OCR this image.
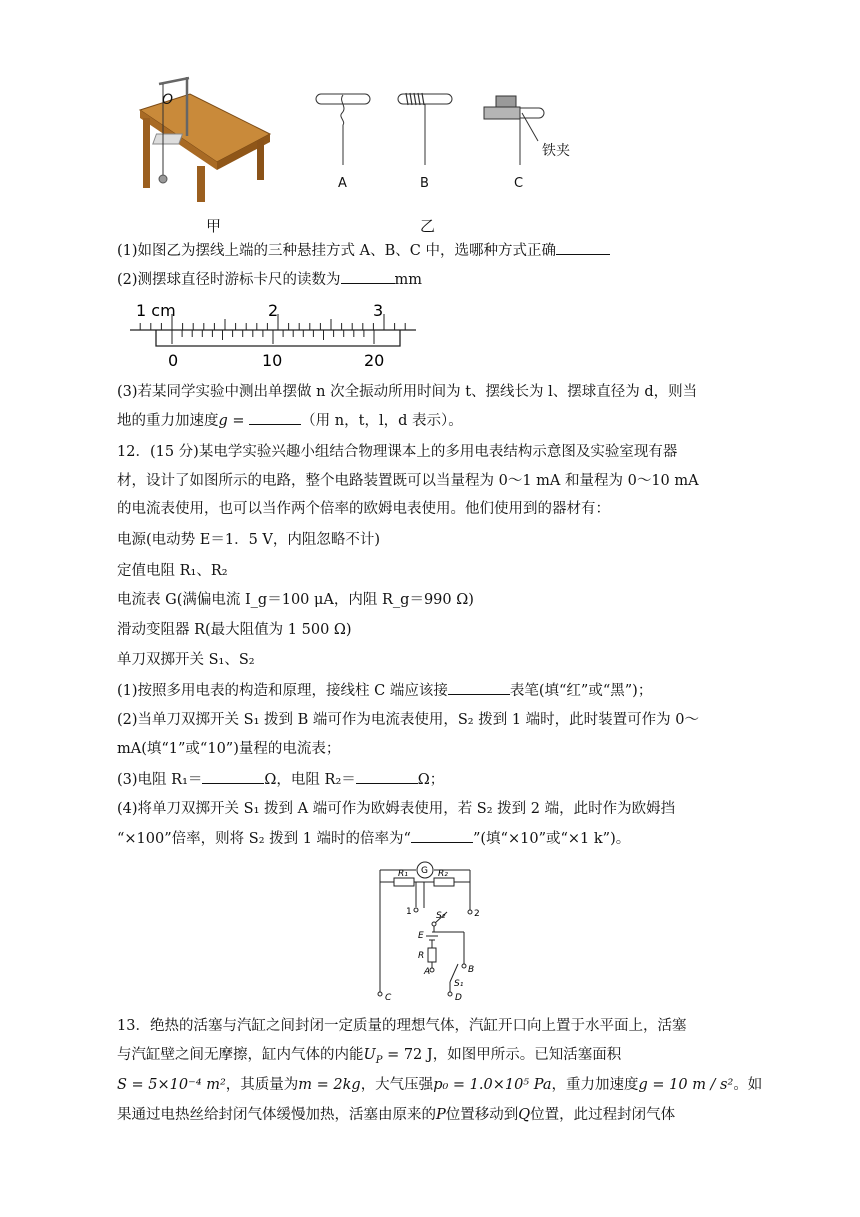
O
甲
A	B	C
铁夹
乙
(1)如图乙为摆线上端的三种悬挂方式 A、B、C 中，选哪种方式正确
(2)测摆球直径时游标卡尺的读数为	mm
1 cm	2	3
0	10	20
(3)若某同学实验中测出单摆做 n 次全振动所用时间为 t、摆线长为 l、摆球直径为 d，则当
地的重力加速度g =	（用 n，t，l，d 表示）。
12．(15 分)某电学实验兴趣小组结合物理课本上的多用电表结构示意图及实验室现有器
材，设计了如图所示的电路，整个电路装置既可以当量程为 0～1 mA 和量程为 0～10 mA
的电流表使用，也可以当作两个倍率的欧姆电表使用。他们使用到的器材有：
电源(电动势 E＝1．5 V，内阻忽略不计)
定值电阻 R₁、R₂
电流表 G(满偏电流 I_g＝100 μA，内阻 R_g＝990 Ω)
滑动变阻器 R(最大阻值为 1 500 Ω)
单刀双掷开关 S₁、S₂
(1)按照多用电表的构造和原理，接线柱 C 端应该接	表笔(填“红”或“黑”)；
(2)当单刀双掷开关 S₁ 拨到 B 端可作为电流表使用，S₂ 拨到 1 端时，此时装置可作为 0～
mA(填“1”或“10”)量程的电流表；
(3)电阻 R₁＝	Ω，电阻 R₂＝	Ω；
(4)将单刀双掷开关 S₁ 拨到 A 端可作为欧姆表使用，若 S₂ 拨到 2 端，此时作为欧姆挡
“×100”倍率，则将 S₂ 拨到 1 端时的倍率为“	”(填“×10”或“×1 k”)。
G
R₁	R₂
1	2
S₂
E
R
A	B
S₁
C	D
13．绝热的活塞与汽缸之间封闭一定质量的理想气体，汽缸开口向上置于水平面上，活塞
与汽缸壁之间无摩擦，缸内气体的内能$U_P = 72$ J，如图甲所示。已知活塞面积
S = 5×10⁻⁴ m²，其质量为m = 2kg，大气压强p₀ = 1.0×10⁵ Pa，重力加速度g = 10 m / s²。如
果通过电热丝给封闭气体缓慢加热，活塞由原来的P位置移动到Q位置，此过程封闭气体
